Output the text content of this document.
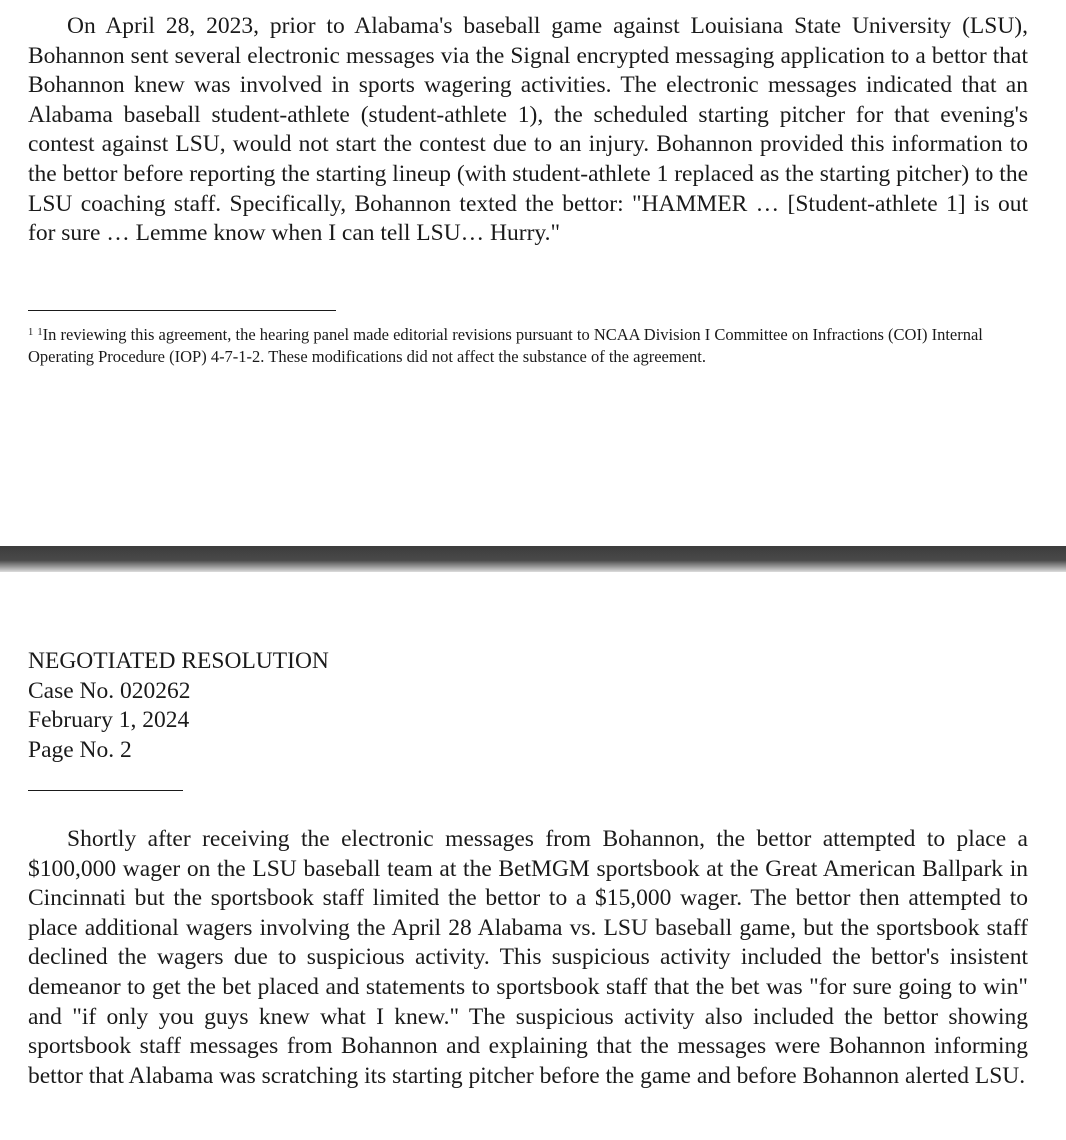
On April 28, 2023, prior to Alabama's baseball game against Louisiana State University (LSU), Bohannon sent several electronic messages via the Signal encrypted messaging application to a bettor that Bohannon knew was involved in sports wagering activities. The electronic messages indicated that an Alabama baseball student-athlete (student-athlete 1), the scheduled starting pitcher for that evening's contest against LSU, would not start the contest due to an injury. Bohannon provided this information to the bettor before reporting the starting lineup (with student-athlete 1 replaced as the starting pitcher) to the LSU coaching staff. Specifically, Bohannon texted the bettor: "HAMMER … [Student-athlete 1] is out for sure … Lemme know when I can tell LSU… Hurry."

$^1$ $^1$In reviewing this agreement, the hearing panel made editorial revisions pursuant to NCAA Division I Committee on Infractions (COI) Internal Operating Procedure (IOP) 4-7-1-2. These modifications did not affect the substance of the agreement.

NEGOTIATED RESOLUTION
Case No. 020262
February 1, 2024
Page No. 2

Shortly after receiving the electronic messages from Bohannon, the bettor attempted to place a $100,000 wager on the LSU baseball team at the BetMGM sportsbook at the Great American Ballpark in Cincinnati but the sportsbook staff limited the bettor to a $15,000 wager. The bettor then attempted to place additional wagers involving the April 28 Alabama vs. LSU baseball game, but the sportsbook staff declined the wagers due to suspicious activity. This suspicious activity included the bettor's insistent demeanor to get the bet placed and statements to sportsbook staff that the bet was "for sure going to win" and "if only you guys knew what I knew." The suspicious activity also included the bettor showing sportsbook staff messages from Bohannon and explaining that the messages were Bohannon informing bettor that Alabama was scratching its starting pitcher before the game and before Bohannon alerted LSU.
